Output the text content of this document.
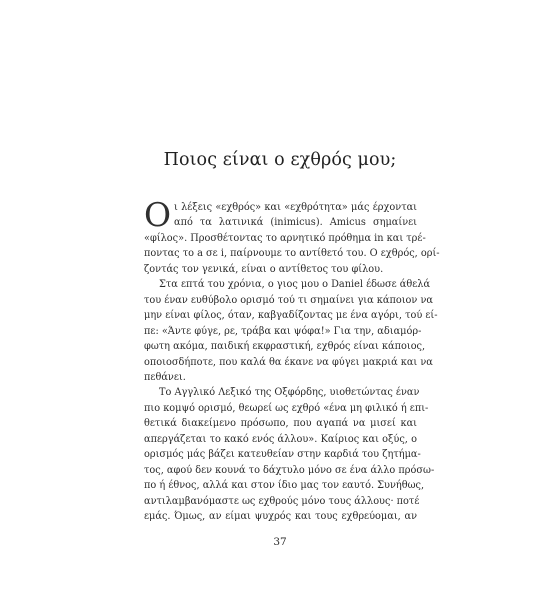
Ποιος είναι ο εχθρός μου;
Ο ι λέξεις «εχθρός» και «εχθρότητα» μάς έρχονται
από τα λατινικά (inimicus). Amicus σημαίνει
«φίλος». Προσθέτοντας το αρνητικό πρόθημα in και τρέ-
ποντας το a σε i, παίρνουμε το αντίθετό του. Ο εχθρός, ορί-
ζοντάς τον γενικά, είναι ο αντίθετος του φίλου.
Στα επτά του χρόνια, ο γιος μου ο Daniel έδωσε άθελά
του έναν ευθύβολο ορισμό τού τι σημαίνει για κάποιον να
μην είναι φίλος, όταν, καβγαδίζοντας με ένα αγόρι, τού εί-
πε: «Άντε φύγε, ρε, τράβα και ψόφα!» Για την, αδιαμόρ-
φωτη ακόμα, παιδική εκφραστική, εχθρός είναι κάποιος,
οποιοσδήποτε, που καλά θα έκανε να φύγει μακριά και να
πεθάνει.
Το Αγγλικό Λεξικό της Οξφόρδης, υιοθετώντας έναν
πιο κομψό ορισμό, θεωρεί ως εχθρό «ένα μη φιλικό ή επι-
θετικά διακείμενο πρόσωπο, που αγαπά να μισεί και
απεργάζεται το κακό ενός άλλου». Καίριος και οξύς, ο
ορισμός μάς βάζει κατευθείαν στην καρδιά του ζητήμα-
τος, αφού δεν κουνά το δάχτυλο μόνο σε ένα άλλο πρόσω-
πο ή έθνος, αλλά και στον ίδιο μας τον εαυτό. Συνήθως,
αντιλαμβανόμαστε ως εχθρούς μόνο τους άλλους· ποτέ
εμάς. Όμως, αν είμαι ψυχρός και τους εχθρεύομαι, αν
37
